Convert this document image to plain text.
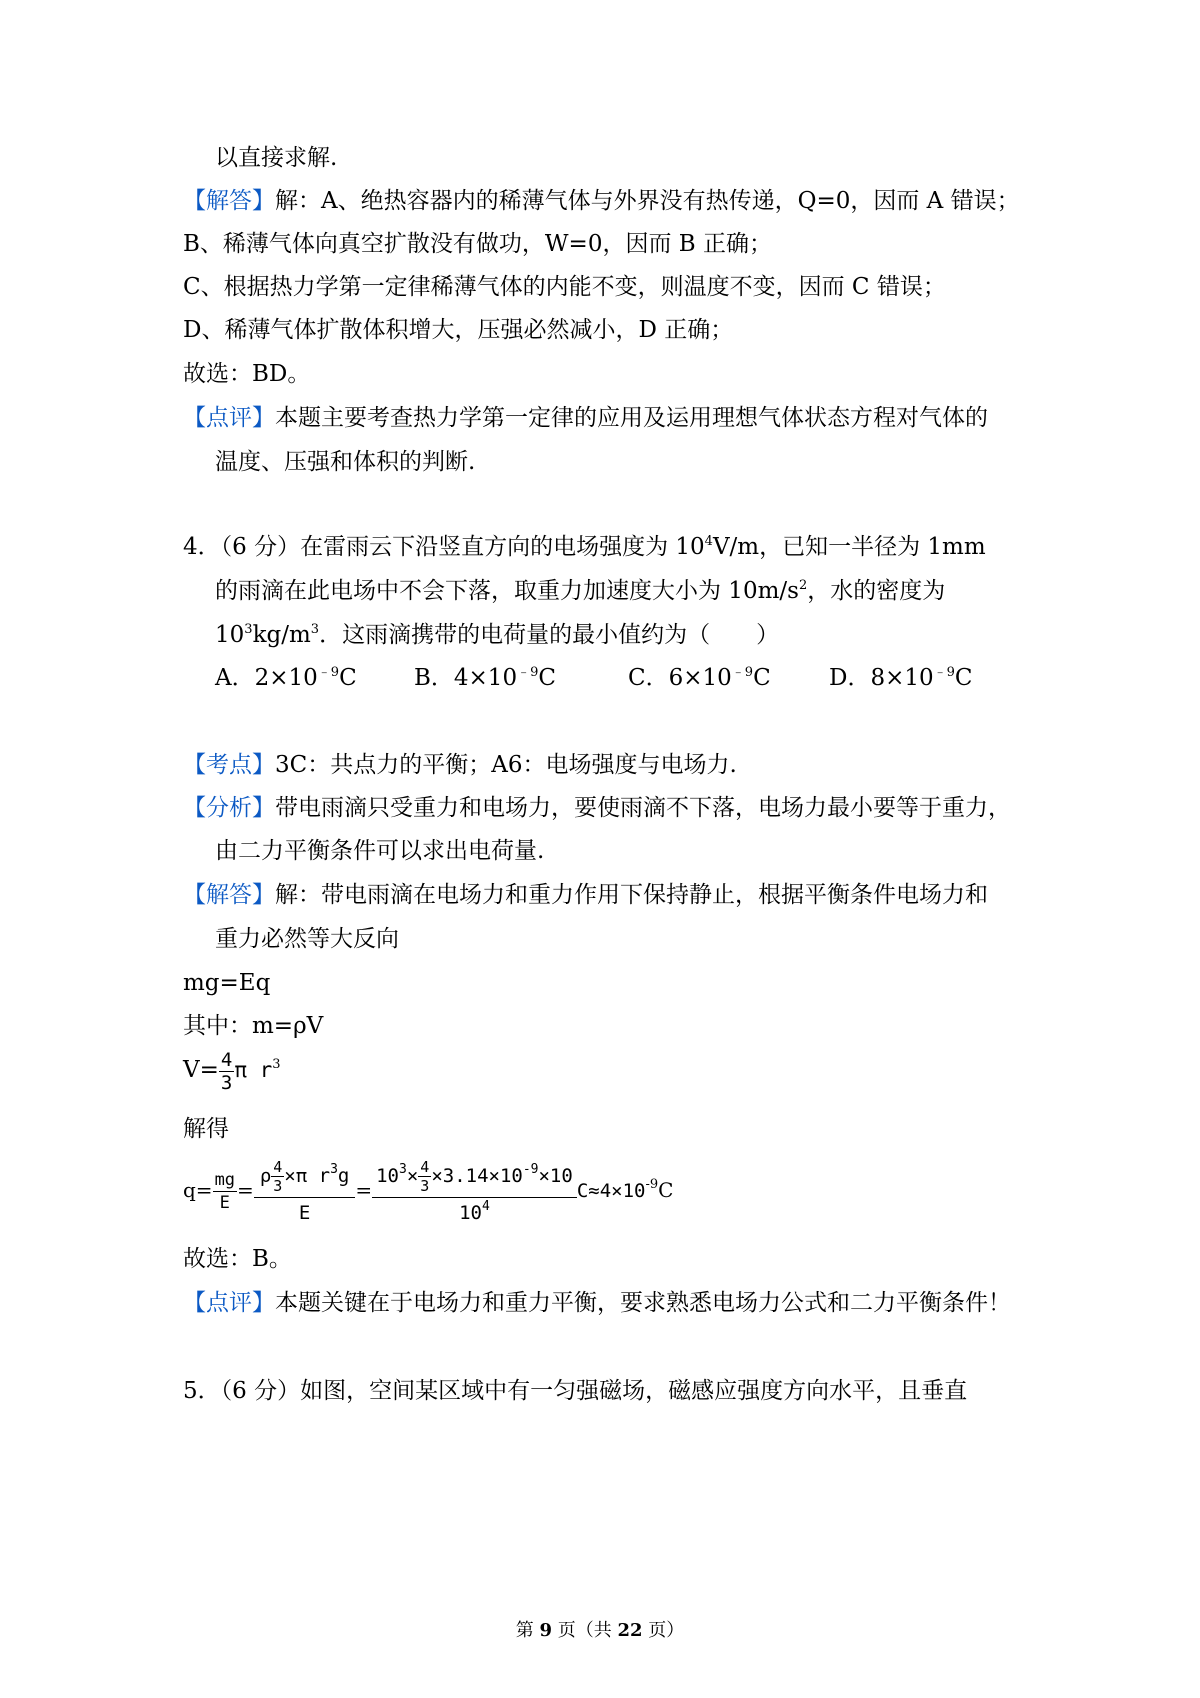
以直接求解.
【解答】解：A、绝热容器内的稀薄气体与外界没有热传递，Q=0，因而 A 错误；
B、稀薄气体向真空扩散没有做功，W=0，因而 B 正确；
C、根据热力学第一定律稀薄气体的内能不变，则温度不变，因而 C 错误；
D、稀薄气体扩散体积增大，压强必然减小，D 正确；
故选：BD。
【点评】本题主要考查热力学第一定律的应用及运用理想气体状态方程对气体的
温度、压强和体积的判断.
4．（6 分）在雷雨云下沿竖直方向的电场强度为 $10^4V/m$，已知一半径为 1mm
的雨滴在此电场中不会下落，取重力加速度大小为 $10m/s^2$，水的密度为
$10^3kg/m^3$．这雨滴携带的电荷量的最小值约为（　　）
A．$2\times 10^{﹣9}C$ B．$4\times 10^{﹣9}C$	C．$6\times 10^{﹣9}C$	D．$8\times 10^{﹣9}C$
【考点】3C：共点力的平衡；A6：电场强度与电场力.
【分析】带电雨滴只受重力和电场力，要使雨滴不下落，电场力最小要等于重力，
由二力平衡条件可以求出电荷量.
【解答】解：带电雨滴在电场力和重力作用下保持静止，根据平衡条件电场力和
重力必然等大反向
mg=Eq
其中：m=ρV
$V= \frac{4}{3}$ π $r^3$
解得
$q= \frac{mg}{E} = \frac{\rho \frac{4}{3} \times\pi r^3g}{E} = \frac{10^3\times \frac{4}{3} \times 3.14\times 10^{-9}\times 10}{10^4} C\approx 4\times 10^{-9}C$
故选：B。
【点评】本题关键在于电场力和重力平衡，要求熟悉电场力公式和二力平衡条件！
5．（6 分）如图，空间某区域中有一匀强磁场，磁感应强度方向水平，且垂直
第 9 页（共 22 页）
